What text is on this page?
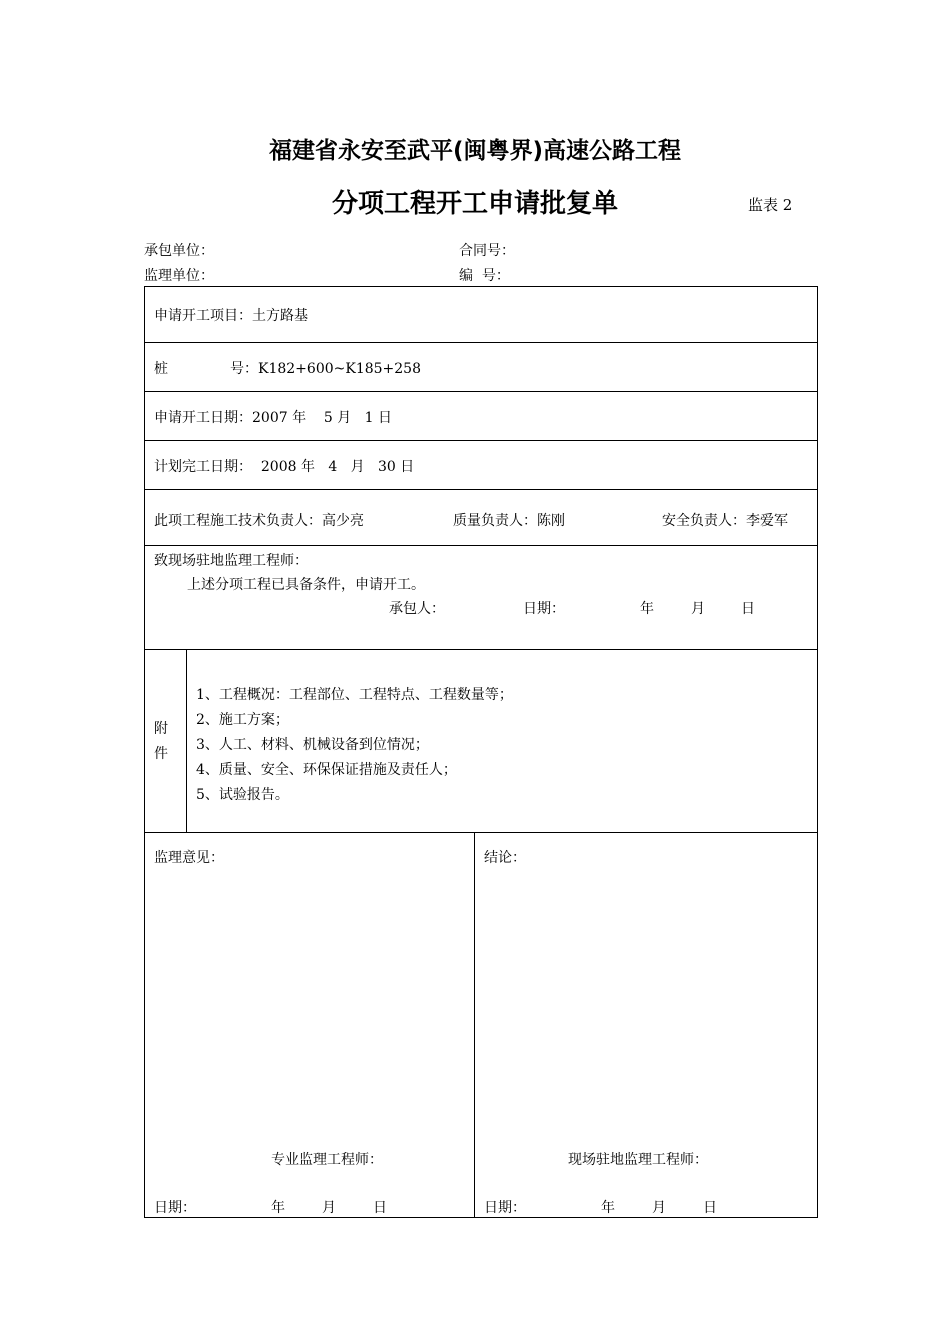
福建省永安至武平(闽粤界)高速公路工程
分项工程开工申请批复单	监表 2
承包单位：	合同号：
监理单位：	编  号：
申请开工项目：土方路基
桩	号：K182+600~K185+258
申请开工日期：2007 年    5 月   1 日
计划完工日期：  2008 年   4   月   30 日
此项工程施工技术负责人：高少亮	质量负责人：陈刚	安全负责人：李爱军
致现场驻地监理工程师：
上述分项工程已具备条件，申请开工。
承包人：	日期：	年	月	日
附
件
1、工程概况：工程部位、工程特点、工程数量等；
2、施工方案；
3、人工、材料、机械设备到位情况；
4、质量、安全、环保保证措施及责任人；
5、试验报告。
监理意见：
专业监理工程师：
日期：	年	月	日
结论：
现场驻地监理工程师：
日期：	年	月	日
